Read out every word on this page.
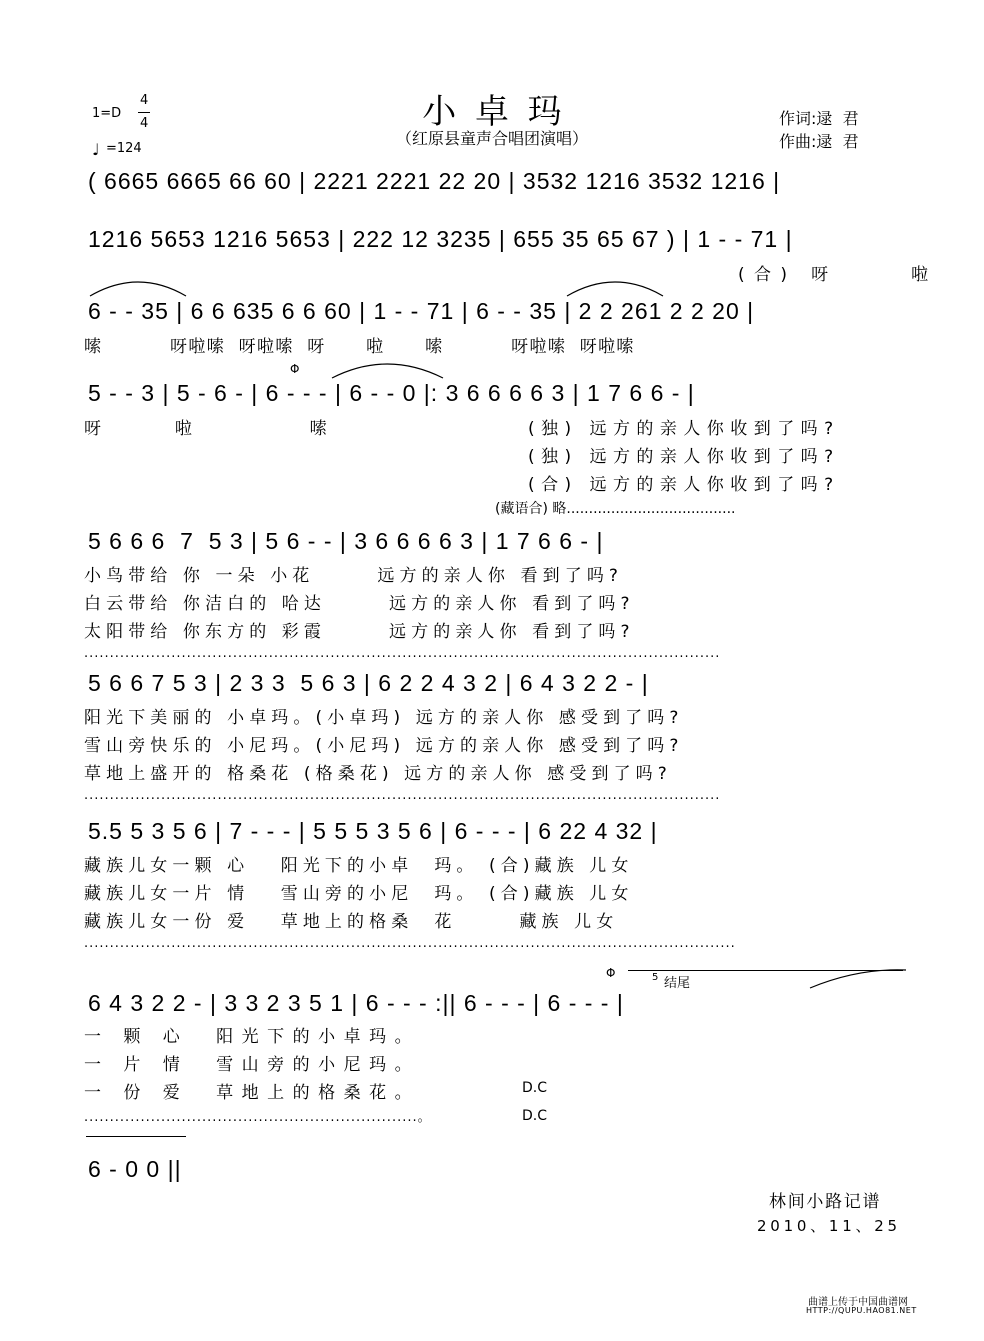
小卓玛
（红原县童声合唱团演唱）
1=D
4
4
♩ =124
作词:逯  君
作曲:逯  君
( 6665 6665 66 60 | 2221 2221 22 20 | 3532 1216 3532 1216 |
1216 5653 1216 5653 | 222 12 3235 | 655 35 65 67 ) | 1 - - 71 |
(合) 呀     啦
6 - - 35 | 6 6 635 6 6 60 | 1 - - 71 | 6 - - 35 | 2 2 261 2 2 20 |
嗦          呀啦嗦  呀啦嗦  呀      啦      嗦          呀啦嗦  呀啦嗦
Φ
5 - - 3 | 5 - 6 - | 6 - - - | 6 - - 0 |: 3 6 6 6 6 3 | 1 7 6 6 - |
呀        啦             嗦	(独) 远方的亲人你收到了吗?
(独) 远方的亲人你收到了吗?
(合) 远方的亲人你收到了吗?
(藏语合) 略......................................
5 6 6 6  7  5 3 | 5 6 - - | 3 6 6 6 6 3 | 1 7 6 6 - |
小鸟带给 你 一朵 小花      远方的亲人你 看到了吗?
白云带给 你洁白的 哈达      远方的亲人你 看到了吗?
太阳带给 你东方的 彩霞      远方的亲人你 看到了吗?
............................................................................................................................
5 6 6 7 5 3 | 2 3 3  5 6 3 | 6 2 2 4 3 2 | 6 4 3 2 2 - |
阳光下美丽的 小卓玛。(小卓玛) 远方的亲人你 感受到了吗?
雪山旁快乐的 小尼玛。(小尼玛) 远方的亲人你 感受到了吗?
草地上盛开的 格桑花 (格桑花) 远方的亲人你 感受到了吗?
............................................................................................................................
5.5 5 3 5 6 | 7 - - - | 5 5 5 3 5 6 | 6 - - - | 6 22 4 32 |
藏族儿女一颗 心   阳光下的小卓  玛。 (合)藏族 儿女
藏族儿女一片 情   雪山旁的小尼  玛。 (合)藏族 儿女
藏族儿女一份 爱   草地上的格桑  花      藏族 儿女
...............................................................................................................................
Φ
结尾
5
6 4 3 2 2 - | 3 3 2 3 5 1 | 6 - - - :|| 6 - - - | 6 - - - |
一 颗 心  阳光下的小卓玛。
一 片 情  雪山旁的小尼玛。
一 份 爱  草地上的格桑花。	D.C
.................................................................。	D.C
6 - 0 0 ||
林间小路记谱
2010、11、25
曲谱上传于中国曲谱网
HTTP://QUPU.HAO81.NET
